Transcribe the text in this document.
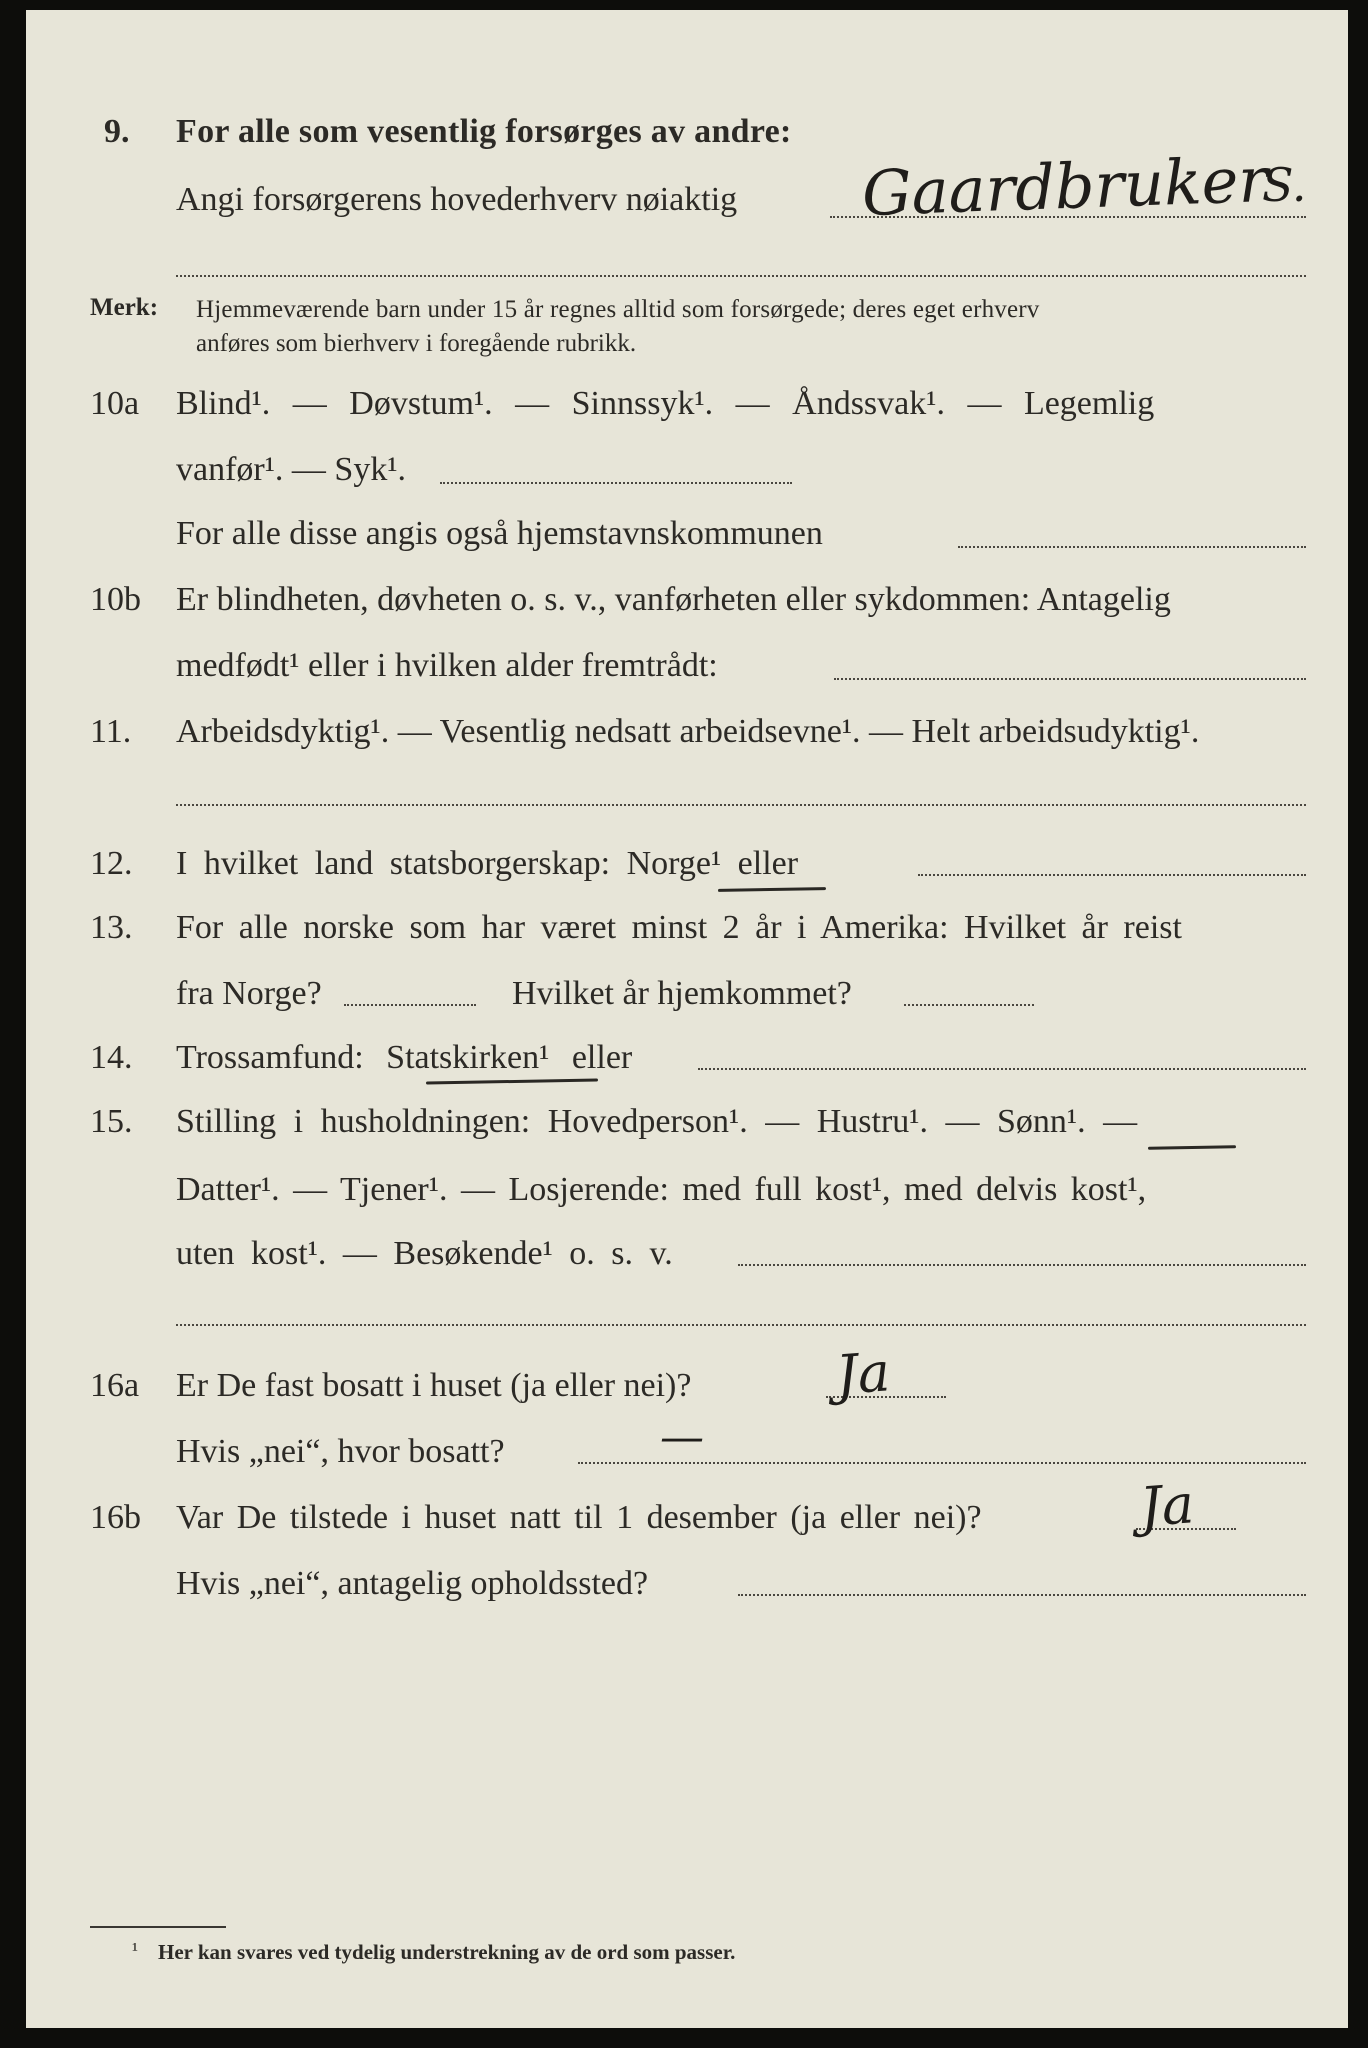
9. For alle som vesentlig forsørges av andre:
Angi forsørgerens hovederhverv nøiaktig Gaardbruker
S.
Merk: Hjemmeværende barn under 15 år regnes alltid som forsørgede; deres eget erhverv
anføres som bierhverv i foregående rubrikk.
10a Blind¹. — Døvstum¹. — Sinnssyk¹. — Åndssvak¹. — Legemlig
vanfør¹. — Syk¹.
For alle disse angis også hjemstavnskommunen
10b Er blindheten, døvheten o. s. v., vanførheten eller sykdommen: Antagelig
medfødt¹ eller i hvilken alder fremtrådt:
11. Arbeidsdyktig¹. — Vesentlig nedsatt arbeidsevne¹. — Helt arbeidsudyktig¹.
12. I hvilket land statsborgerskap: Norge¹ eller
13. For alle norske som har været minst 2 år i Amerika: Hvilket år reist
fra Norge?	Hvilket år hjemkommet?
14. Trossamfund: Statskirken¹ eller
15. Stilling i husholdningen: Hovedperson¹. — Hustru¹. — Sønn¹. —
Datter¹. — Tjener¹. — Losjerende: med full kost¹, med delvis kost¹,
uten kost¹. — Besøkende¹ o. s. v.
16a Er De fast bosatt i huset (ja eller nei)?	Ja
Hvis „nei“, hvor bosatt?	—
16b Var De tilstede i huset natt til 1 desember (ja eller nei)?	Ja
Hvis „nei“, antagelig opholdssted?
¹ Her kan svares ved tydelig understrekning av de ord som passer.
